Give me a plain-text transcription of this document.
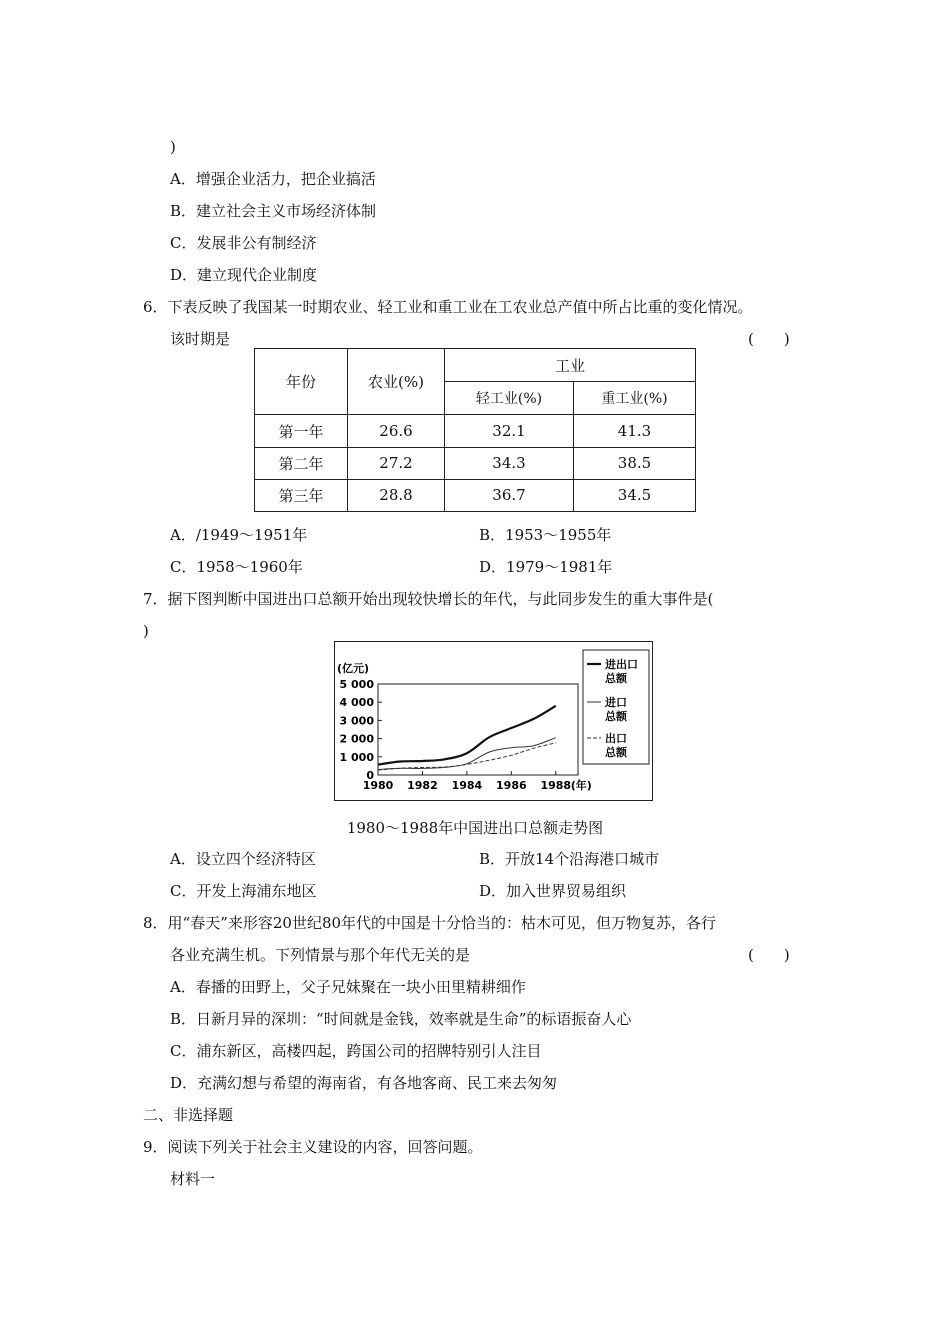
)
A．增强企业活力，把企业搞活
B．建立社会主义市场经济体制
C．发展非公有制经济
D．建立现代企业制度
6．下表反映了我国某一时期农业、轻工业和重工业在工农业总产值中所占比重的变化情况。
该时期是	(　　)
年份	农业(%)	工业	
		轻工业(%)	重工业(%)
第一年	26.6	32.1	41.3
第二年	27.2	34.3	38.5
第三年	28.8	36.7	34.5
A．/1949～1951年	B．1953～1955年
C．1958～1960年	D．1979～1981年
7．据下图判断中国进出口总额开始出现较快增长的年代，与此同步发生的重大事件是(
)
(亿元)
0
1 000
2 000
3 000
4 000
5 000
1980 1982 1984 1986 1988 (年)
进出口
总额
进口
总额
出口
总额
1980～1988年中国进出口总额走势图
A．设立四个经济特区	B．开放14个沿海港口城市
C．开发上海浦东地区	D．加入世界贸易组织
8．用“春天”来形容20世纪80年代的中国是十分恰当的：枯木可见，但万物复苏，各行
各业充满生机。下列情景与那个年代无关的是	(　　)
A．春播的田野上，父子兄妹聚在一块小田里精耕细作
B．日新月异的深圳：“时间就是金钱，效率就是生命”的标语振奋人心
C．浦东新区，高楼四起，跨国公司的招牌特别引人注目
D．充满幻想与希望的海南省，有各地客商、民工来去匆匆
二、非选择题
9．阅读下列关于社会主义建设的内容，回答问题。
材料一
